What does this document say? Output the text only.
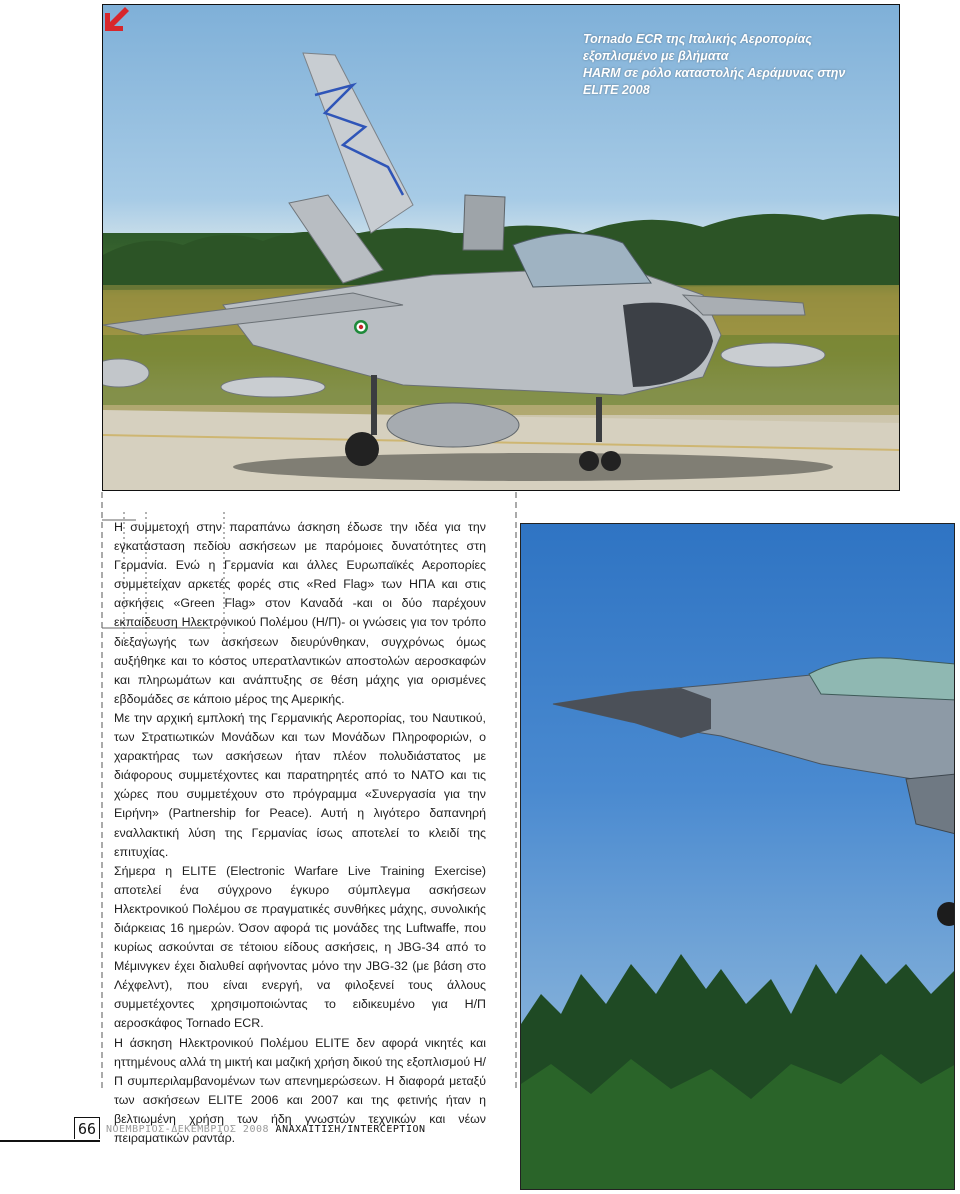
Tornado ECR της Ιταλικής Αεροπορίας εξοπλισμένο με βλήματα
HARM σε ρόλο καταστολής Αεράμυνας στην ELITE 2008

Η συμμετοχή στην παραπάνω άσκηση έδωσε την ιδέα για την εγκατάσταση πεδίου ασκήσεων με παρόμοιες δυνατότητες στη Γερμανία. Ενώ η Γερμανία και άλλες Ευρωπαϊκές Αεροπορίες συμμετείχαν αρκετές φορές στις «Red Flag» των ΗΠΑ και στις ασκήσεις «Green Flag» στον Καναδά -και οι δύο παρέχουν εκπαίδευση Ηλεκτρονικού Πολέμου (Η/Π)- οι γνώσεις για τον τρόπο διεξαγωγής των ασκήσεων διευρύνθηκαν, συγχρόνως όμως αυξήθηκε και το κόστος υπερατλαντικών αποστολών αεροσκαφών και πληρωμάτων και ανάπτυξης σε θέση μάχης για ορισμένες εβδομάδες σε κάποιο μέρος της Αμερικής.

Με την αρχική εμπλοκή της Γερμανικής Αεροπορίας, του Ναυτικού, των Στρατιωτικών Μονάδων και των Μονάδων Πληροφοριών, ο χαρακτήρας των ασκήσεων ήταν πλέον πολυδιάστατος με διάφορους συμμετέχοντες και παρατηρητές από το ΝΑΤΟ και τις χώρες που συμμετέχουν στο πρόγραμμα «Συνεργασία για την Ειρήνη» (Partnership for Peace). Αυτή η λιγότερο δαπανηρή εναλλακτική λύση της Γερμανίας ίσως αποτελεί το κλειδί της επιτυχίας.

Σήμερα η ELITE (Electronic Warfare Live Training Exercise) αποτελεί ένα σύγχρονο έγκυρο σύμπλεγμα ασκήσεων Ηλεκτρονικού Πολέμου σε πραγματικές συνθήκες μάχης, συνολικής διάρκειας 16 ημερών. Όσον αφορά τις μονάδες της Luftwaffe, που κυρίως ασκούνται σε τέτοιου είδους ασκήσεις, η JBG-34 από το Μέμινγκεν έχει διαλυθεί αφήνοντας μόνο την JBG-32 (με βάση στο Λέχφελντ), που είναι ενεργή, να φιλοξενεί τους άλλους συμμετέχοντες χρησιμοποιώντας το ειδικευμένο για Η/Π αεροσκάφος Tornado ECR.

Η άσκηση Ηλεκτρονικού Πολέμου ELITE δεν αφορά νικητές και ηττημένους αλλά τη μικτή και μαζική χρήση δικού της εξοπλισμού Η/Π συμπεριλαμβανομένων των απενημερώσεων. Η διαφορά μεταξύ των ασκήσεων ELITE 2006 και 2007 και της φετινής ήταν η βελτιωμένη χρήση των ήδη γνωστών τεχνικών και νέων πειραματικών ραντάρ.

66 ΝΟΕΜΒΡΙΟΣ-ΔΕΚΕΜΒΡΙΟΣ 2008 ΑΝΑΧΑΙΤΙΣΗ/INTERCEPTION
